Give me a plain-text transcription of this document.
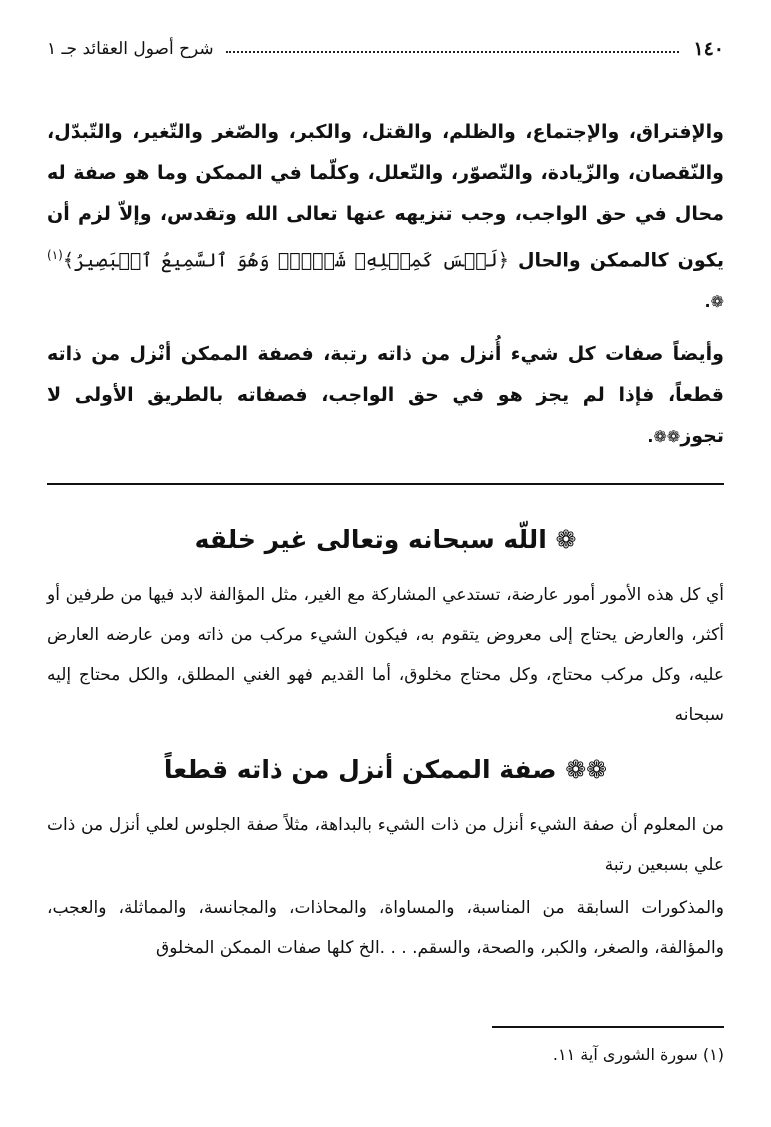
١٤٠
شرح أصول العقائد جـ ١

والإفتراق، والإجتماع، والظلم، والقتل، والكبر، والصّغر والتّغير، والتّبدّل، والنّقصان، والزّيادة، والتّصوّر، والتّعلل، وكلّما في الممكن وما هو صفة له محال في حق الواجب، وجب تنزيهه عنها تعالى الله وتقدس، وإلاّ لزم أن يكون كالممكن والحال ﴿لَيۡسَ كَمِثۡلِهِۦ شَيۡءٞۖ وَهُوَ ٱلسَّمِيعُ ٱلۡبَصِيرُ﴾$^{(١)}$ ❁.

وأيضاً صفات كل شيء أُنزل من ذاته رتبة، فصفة الممكن أنْزل من ذاته قطعاً، فإذا لم يجز هو في حق الواجب، فصفاته بالطريق الأولى لا تجوز❁❁.

❁ اللّه سبحانه وتعالى غير خلقه

أي كل هذه الأمور أمور عارضة، تستدعي المشاركة مع الغير، مثل المؤالفة لابد فيها من طرفين أو أكثر، والعارض يحتاج إلى معروض يتقوم به، فيكون الشيء مركب من ذاته ومن عارضه العارض عليه، وكل مركب محتاج، وكل محتاج مخلوق، أما القديم فهو الغني المطلق، والكل محتاج إليه سبحانه

❁❁ صفة الممكن أنزل من ذاته قطعاً

من المعلوم أن صفة الشيء أنزل من ذات الشيء بالبداهة، مثلاً صفة الجلوس لعلي أنزل من ذات علي بسبعين رتبة

والمذكورات السابقة من المناسبة، والمساواة، والمحاذات، والمجانسة، والمماثلة، والعجب، والمؤالفة، والصغر، والكبر، والصحة، والسقم. . . .الخ كلها صفات الممكن المخلوق

(١) سورة الشورى آية ١١.
